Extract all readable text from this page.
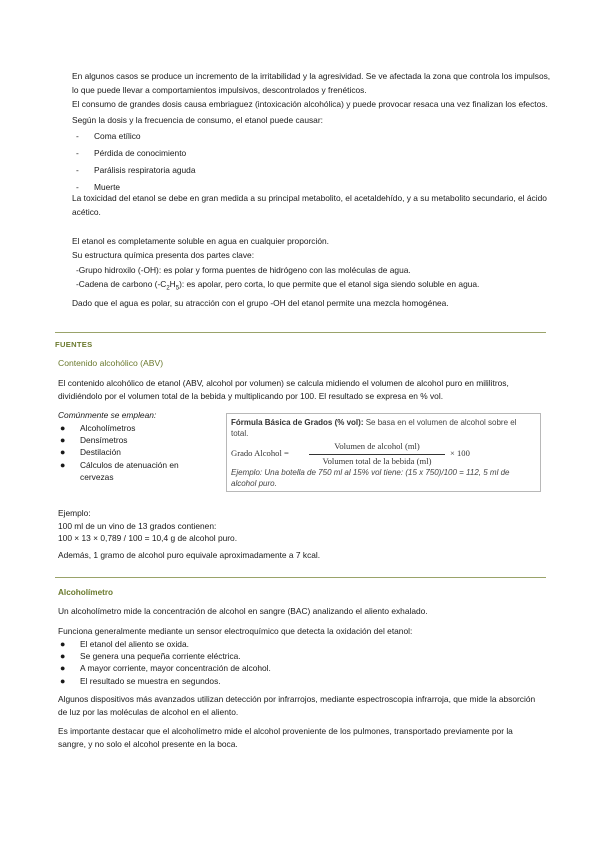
En algunos casos se produce un incremento de la irritabilidad y la agresividad. Se ve afectada la zona que controla los impulsos, lo que puede llevar a comportamientos impulsivos, descontrolados y frenéticos.

El consumo de grandes dosis causa embriaguez (intoxicación alcohólica) y puede provocar resaca una vez finalizan los efectos.

Según la dosis y la frecuencia de consumo, el etanol puede causar:

-	Coma etílico
-	Pérdida de conocimiento
-	Parálisis respiratoria aguda
-	Muerte

La toxicidad del etanol se debe en gran medida a su principal metabolito, el acetaldehído, y a su metabolito secundario, el ácido acético.

El etanol es completamente soluble en agua en cualquier proporción.

Su estructura química presenta dos partes clave:

-Grupo hidroxilo (-OH): es polar y forma puentes de hidrógeno con las moléculas de agua.

-Cadena de carbono $(-C_2H_5)$: es apolar, pero corta, lo que permite que el etanol siga siendo soluble en agua.

Dado que el agua es polar, su atracción con el grupo -OH del etanol permite una mezcla homogénea.

FUENTES
Contenido alcohólico (ABV)

El contenido alcohólico de etanol (ABV, alcohol por volumen) se calcula midiendo el volumen de alcohol puro en mililitros, dividiéndolo por el volumen total de la bebida y multiplicando por 100. El resultado se expresa en % vol.

Comúnmente se emplean:

●	Alcoholímetros
●	Densímetros
●	Destilación
●	Cálculos de atenuación en cervezas
Fórmula Básica de Grados (% vol): Se basa en el volumen de alcohol sobre el total.
Grado Alcohol =
Volumen de alcohol (ml)
Volumen total de la bebida (ml)
× 100
Ejemplo: Una botella de 750 ml al 15% vol tiene: (15 x 750)/100 = 112, 5 ml de alcohol puro.

Ejemplo:

100 ml de un vino de 13 grados contienen:

100 × 13 × 0,789 / 100 = 10,4 g de alcohol puro.

Además, 1 gramo de alcohol puro equivale aproximadamente a 7 kcal.

Alcoholímetro

Un alcoholímetro mide la concentración de alcohol en sangre (BAC) analizando el aliento exhalado.

Funciona generalmente mediante un sensor electroquímico que detecta la oxidación del etanol:

●	El etanol del aliento se oxida.
●	Se genera una pequeña corriente eléctrica.
●	A mayor corriente, mayor concentración de alcohol.
●	El resultado se muestra en segundos.

Algunos dispositivos más avanzados utilizan detección por infrarrojos, mediante espectroscopia infrarroja, que mide la absorción de luz por las moléculas de alcohol en el aliento.

Es importante destacar que el alcoholímetro mide el alcohol proveniente de los pulmones, transportado previamente por la sangre, y no solo el alcohol presente en la boca.
